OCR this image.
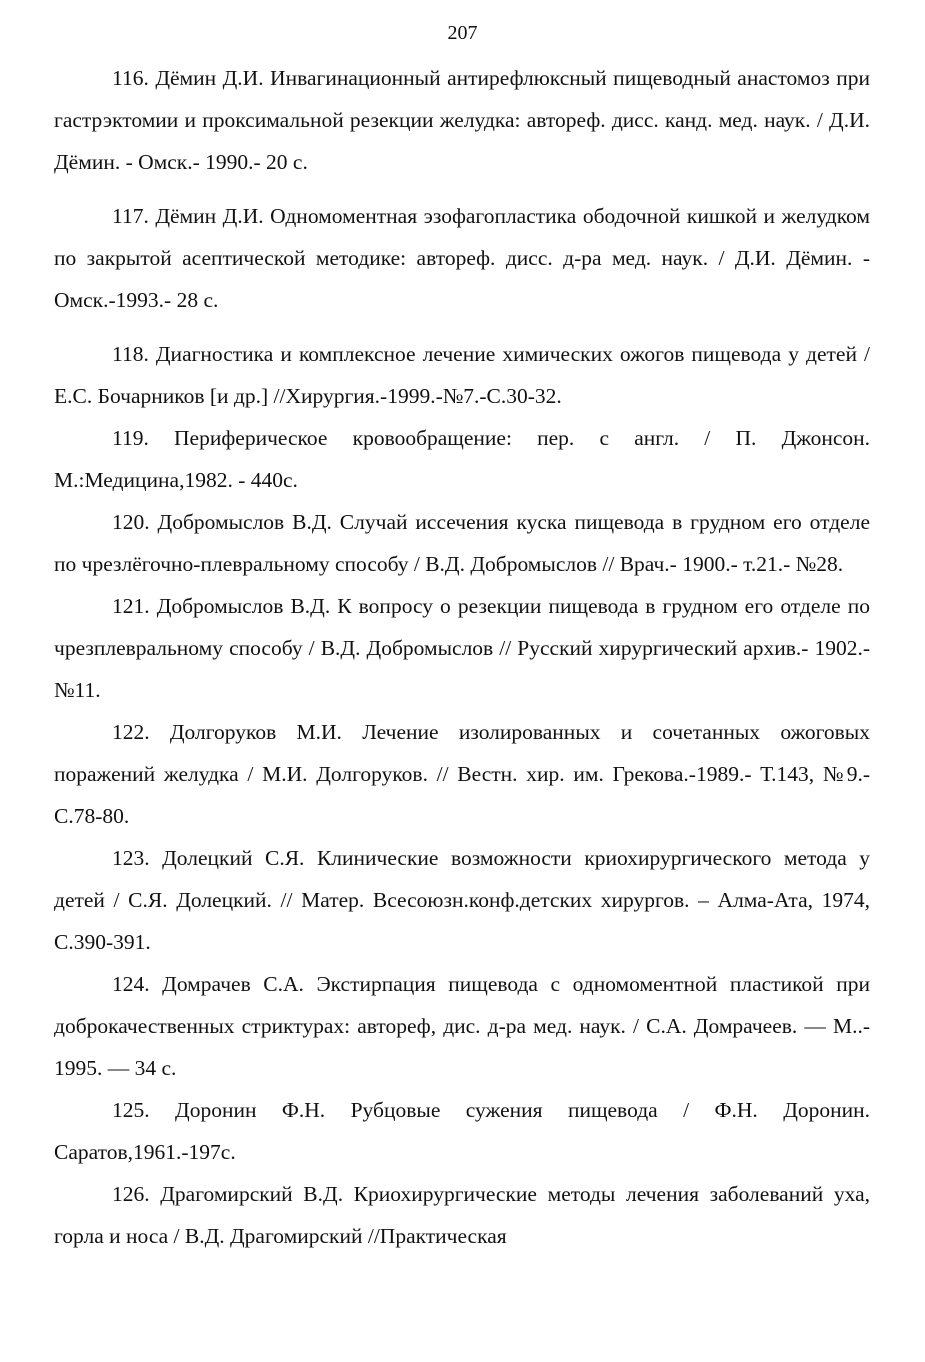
207

116. Дёмин Д.И. Инвагинационный антирефлюксный пищеводный анастомоз при гастрэктомии и проксимальной резекции желудка: автореф. дисс. канд. мед. наук. / Д.И. Дёмин. - Омск.- 1990.- 20 с.

117. Дёмин Д.И. Одномоментная эзофагопластика ободочной кишкой и желудком по закрытой асептической методике: автореф. дисс. д-ра мед. наук. / Д.И. Дёмин. - Омск.-1993.- 28 с.

118. Диагностика и комплексное лечение химических ожогов пищевода у детей / Е.С. Бочарников [и др.] //Хирургия.-1999.-№7.-С.30-32.

119. Периферическое кровообращение: пер. с англ. / П. Джонсон. М.:Медицина,1982. - 440с.

120. Добромыслов В.Д. Случай иссечения куска пищевода в грудном его отделе по чрезлёгочно-плевральному способу / В.Д. Добромыслов // Врач.- 1900.- т.21.- №28.

121. Добромыслов В.Д. К вопросу о резекции пищевода в грудном его отделе по чрезплевральному способу / В.Д. Добромыслов // Русский хирургический архив.- 1902.- №11.

122. Долгоруков М.И. Лечение изолированных и сочетанных ожоговых поражений желудка / М.И. Долгоруков. // Вестн. хир. им. Грекова.-1989.- Т.143, №9.-С.78-80.

123. Долецкий С.Я. Клинические возможности криохирургического метода у детей / С.Я. Долецкий. // Матер. Всесоюзн.конф.детских хирургов. – Алма-Ата, 1974, С.390-391.

124. Домрачев С.А. Экстирпация пищевода с одномоментной пластикой при доброкачественных стриктурах: автореф, дис. д-ра мед. наук. / С.А. Домрачеев. — М..- 1995. — 34 с.

125. Доронин Ф.Н. Рубцовые сужения пищевода / Ф.Н. Доронин. Саратов,1961.-197с.

126. Драгомирский В.Д. Криохирургические методы лечения заболеваний уха, горла и носа / В.Д. Драгомирский //Практическая
